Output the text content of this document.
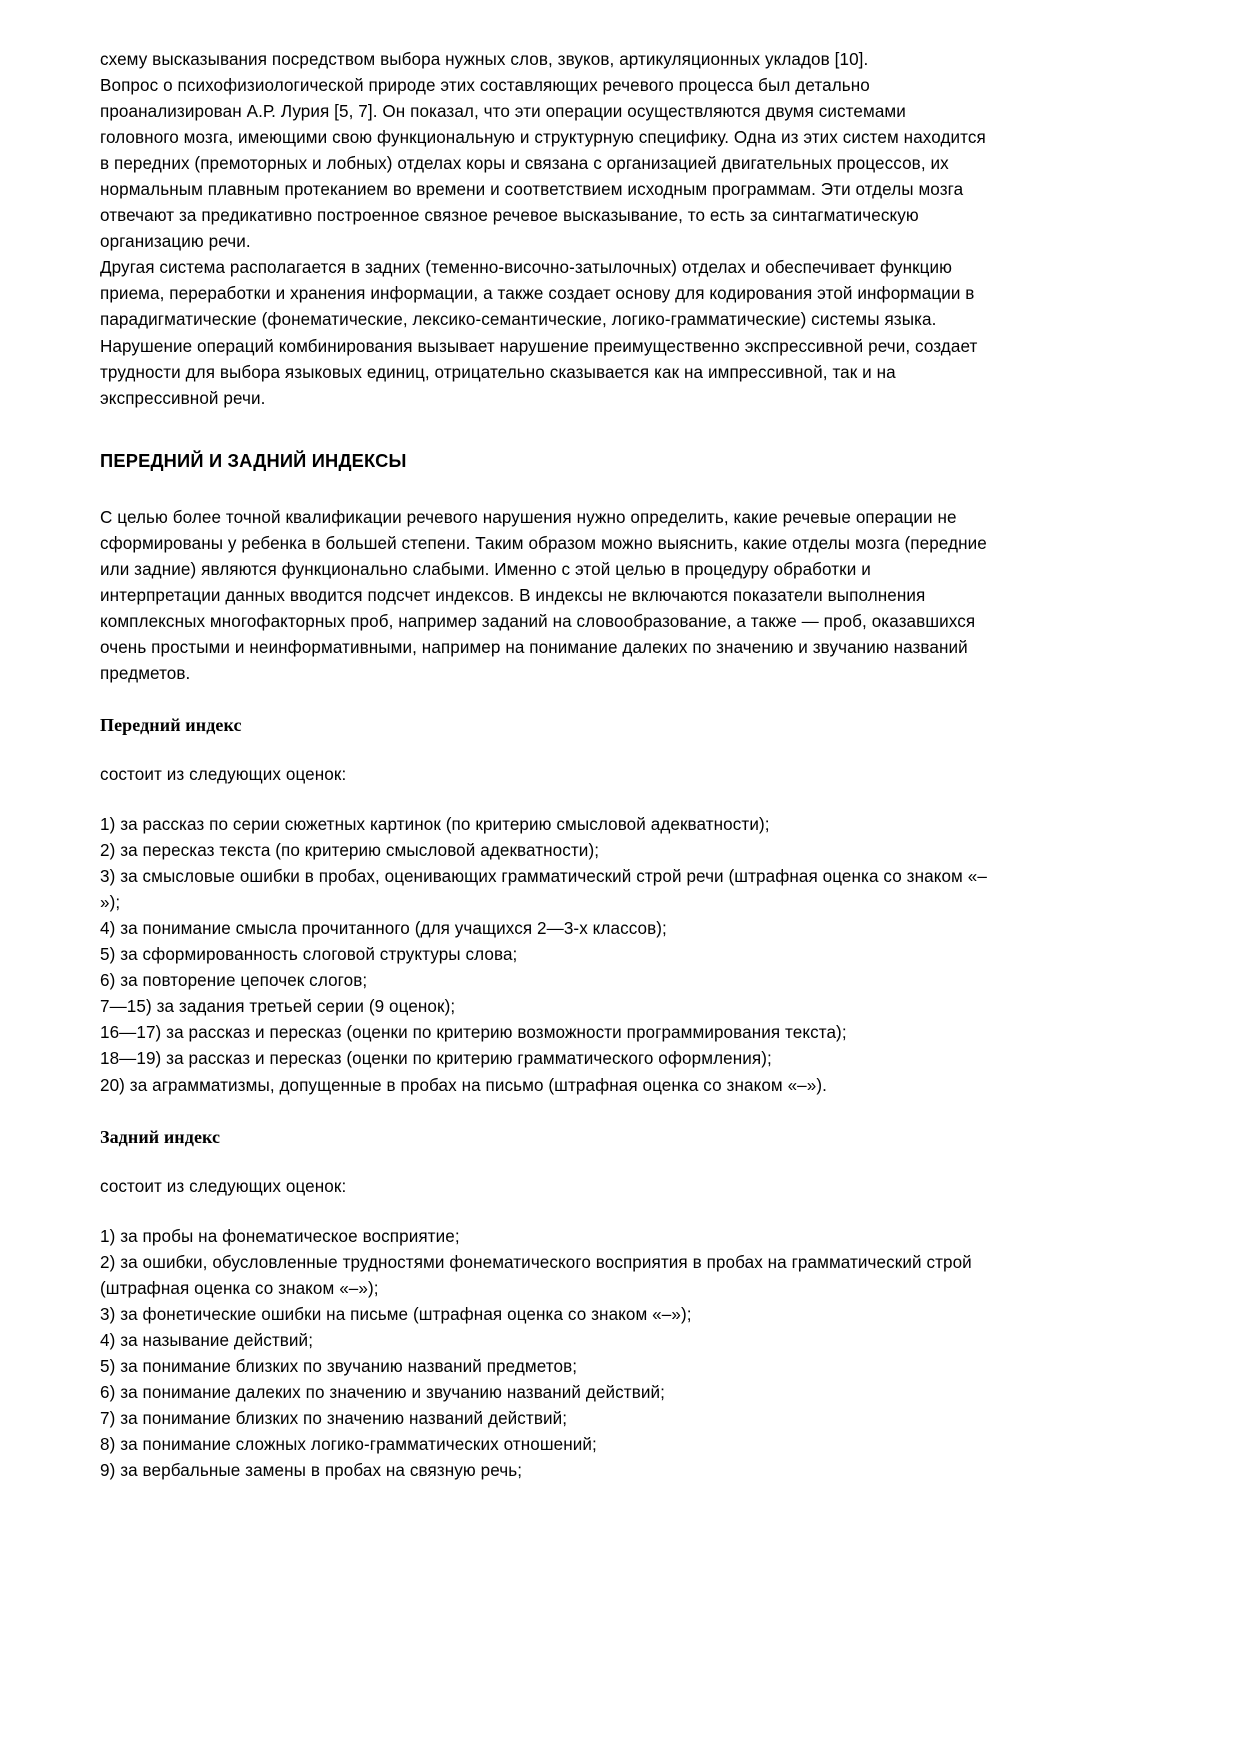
схему высказывания посредством выбора нужных слов, звуков, артикуляционных укладов [10].
Вопрос о психофизиологической природе этих составляющих речевого процесса был детально
проанализирован А.Р. Лурия [5, 7]. Он показал, что эти операции осуществляются двумя системами
головного мозга, имеющими свою функциональную и структурную специфику. Одна из этих систем находится
в передних (премоторных и лобных) отделах коры и связана с организацией двигательных процессов, их
нормальным плавным протеканием во времени и соответствием исходным программам. Эти отделы мозга
отвечают за предикативно построенное связное речевое высказывание, то есть за синтагматическую
организацию речи.

Другая система располагается в задних (теменно-височно-затылочных) отделах и обеспечивает функцию
приема, переработки и хранения информации, а также создает основу для кодирования этой информации в
парадигматические (фонематические, лексико-семантические, логико-грамматические) системы языка.
Нарушение операций комбинирования вызывает нарушение преимущественно экспрессивной речи, создает
трудности для выбора языковых единиц, отрицательно сказывается как на импрессивной, так и на
экспрессивной речи.

ПЕРЕДНИЙ И ЗАДНИЙ ИНДЕКСЫ

С целью более точной квалификации речевого нарушения нужно определить, какие речевые операции не
сформированы у ребенка в большей степени. Таким образом можно выяснить, какие отделы мозга (передние
или задние) являются функционально слабыми. Именно с этой целью в процедуру обработки и
интерпретации данных вводится подсчет индексов. В индексы не включаются показатели выполнения
комплексных многофакторных проб, например заданий на словообразование, а также — проб, оказавшихся
очень простыми и неинформативными, например на понимание далеких по значению и звучанию названий
предметов.

Передний индекс

состоит из следующих оценок:

1) за рассказ по серии сюжетных картинок (по критерию смысловой адекватности);
2) за пересказ текста (по критерию смысловой адекватности);
3) за смысловые ошибки в пробах, оценивающих грамматический строй речи (штрафная оценка со знаком «–
»);
4) за понимание смысла прочитанного (для учащихся 2—3-х классов);
5) за сформированность слоговой структуры слова;
6) за повторение цепочек слогов;
7—15) за задания третьей серии (9 оценок);
16—17) за рассказ и пересказ (оценки по критерию возможности программирования текста);
18—19) за рассказ и пересказ (оценки по критерию грамматического оформления);
20) за аграмматизмы, допущенные в пробах на письмо (штрафная оценка со знаком «–»).
Задний индекс

состоит из следующих оценок:

1) за пробы на фонематическое восприятие;
2) за ошибки, обусловленные трудностями фонематического восприятия в пробах на грамматический строй
(штрафная оценка со знаком «–»);
3) за фонетические ошибки на письме (штрафная оценка со знаком «–»);
4) за называние действий;
5) за понимание близких по звучанию названий предметов;
6) за понимание далеких по значению и звучанию названий действий;
7) за понимание близких по значению названий действий;
8) за понимание сложных логико-грамматических отношений;
9) за вербальные замены в пробах на связную речь;
